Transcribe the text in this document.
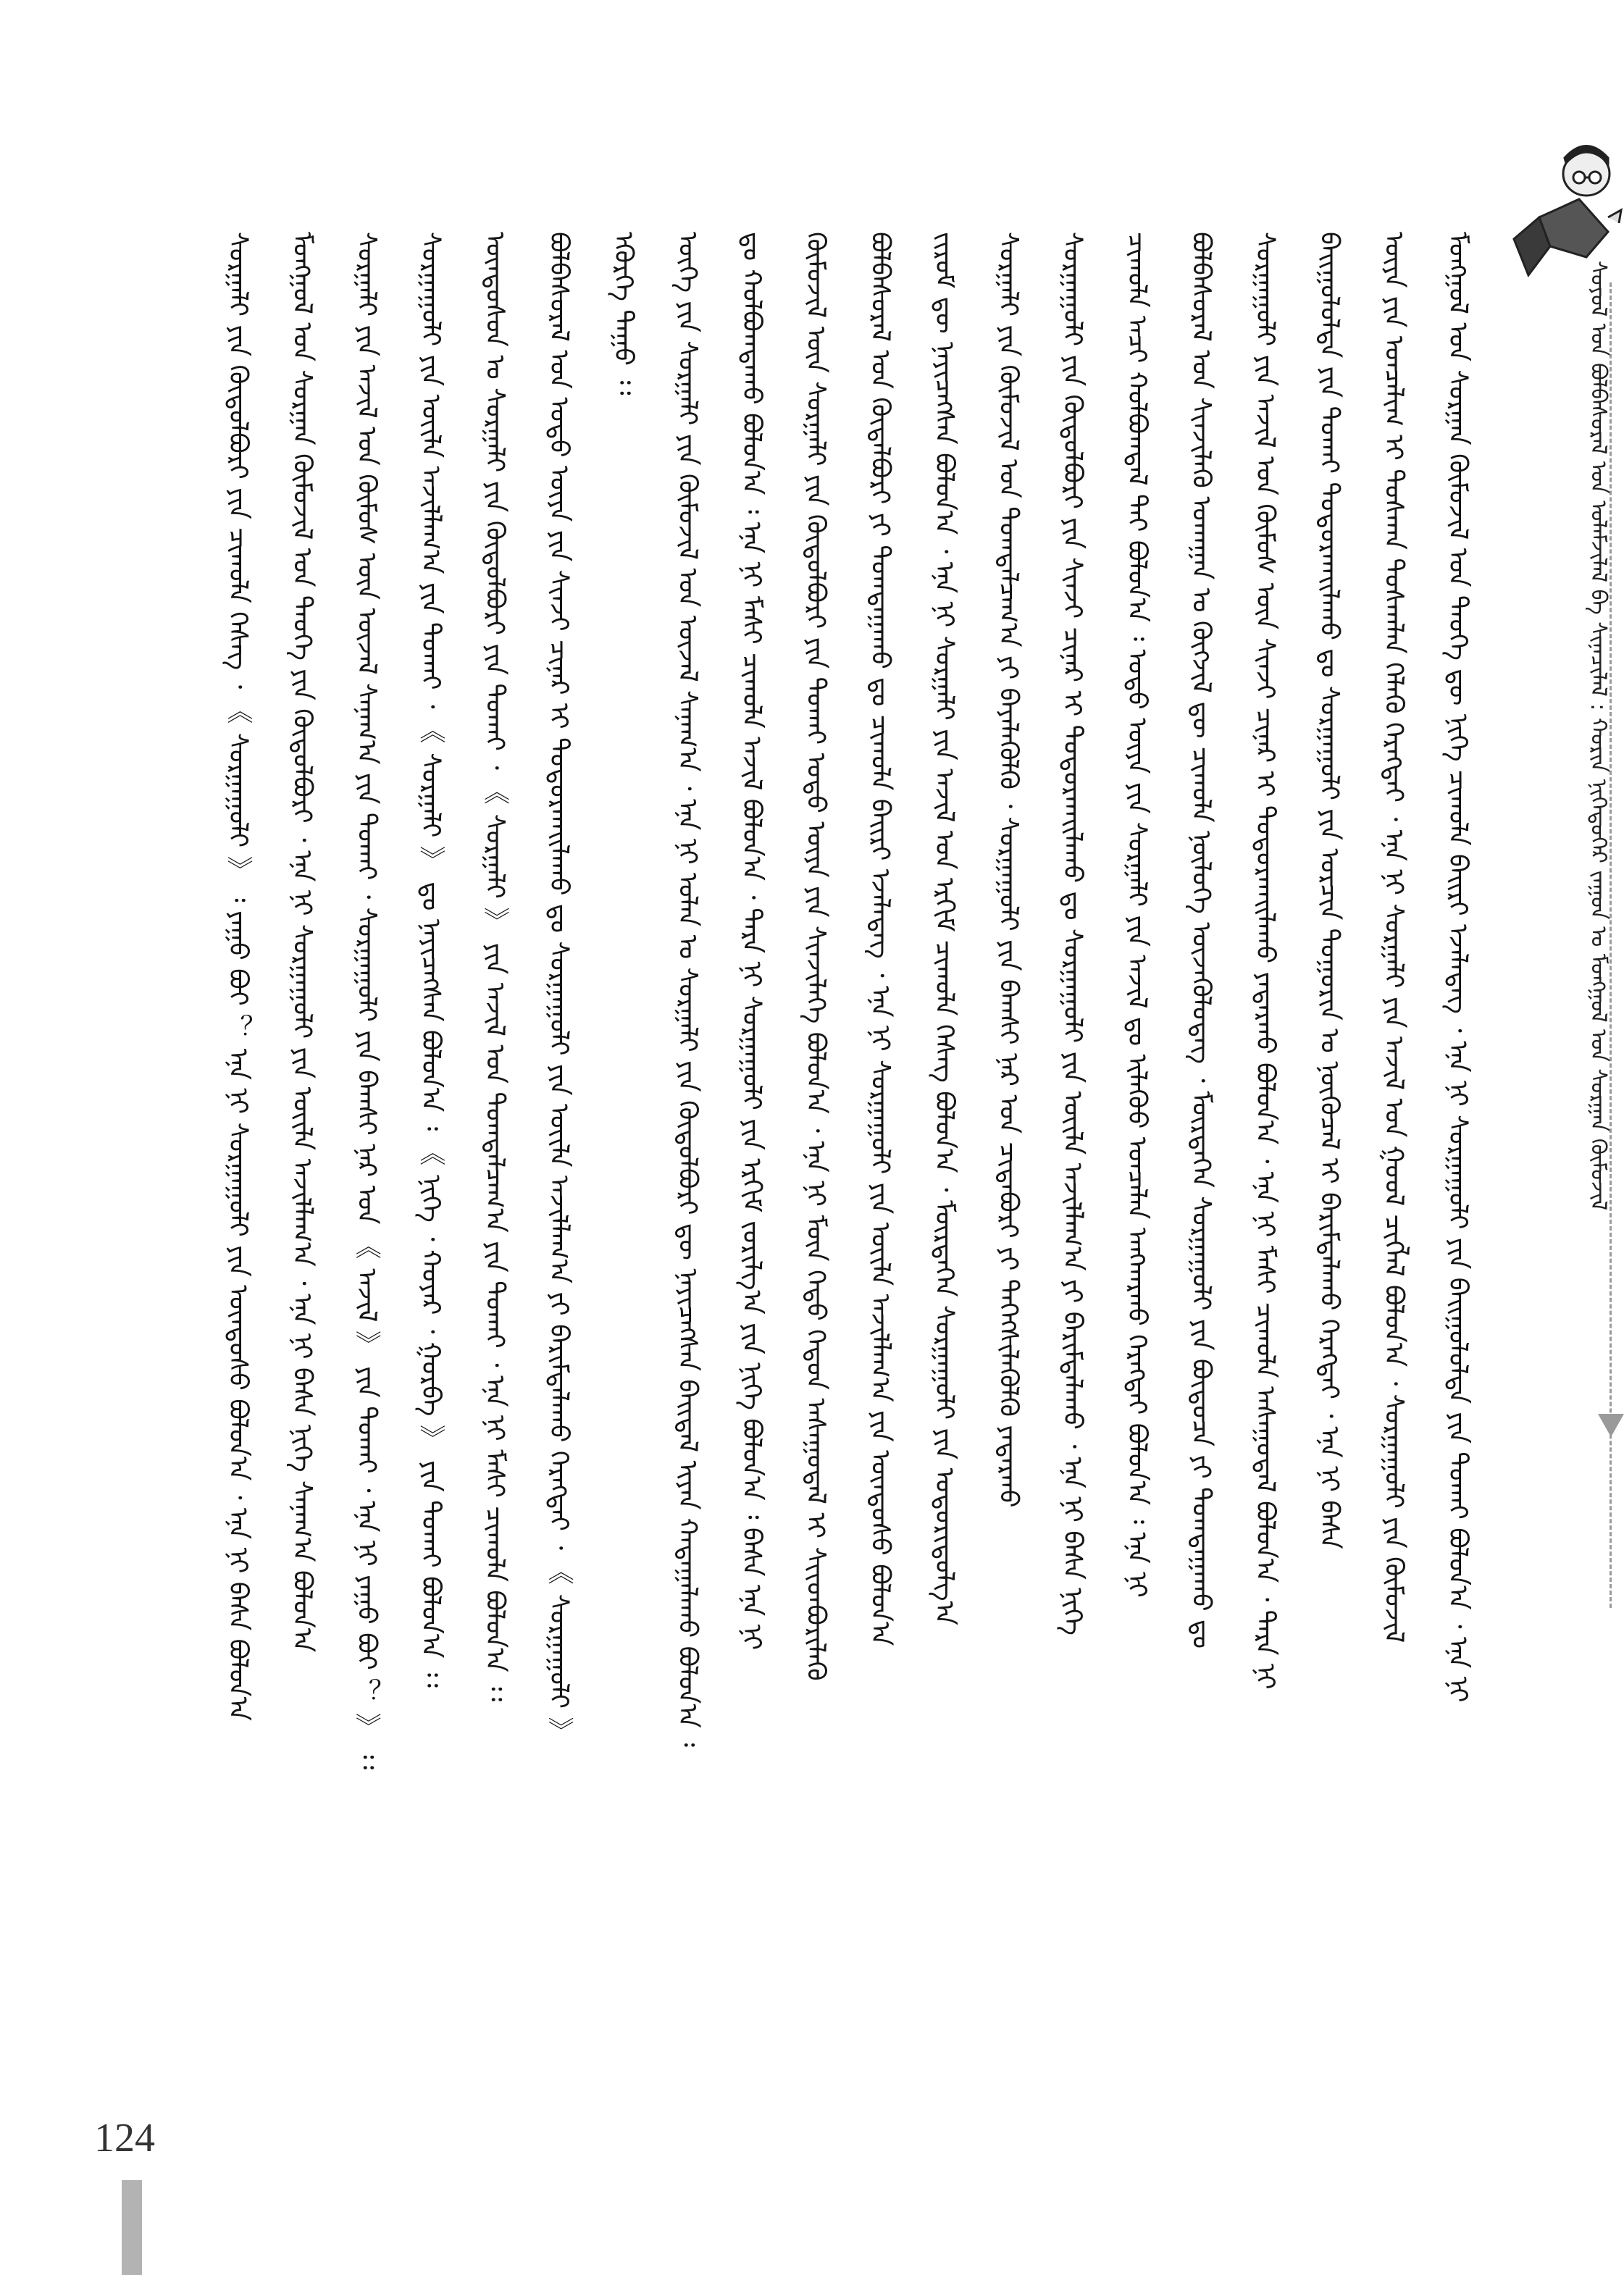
ᠰᠣᠶᠣᠯ ᠤᠨ ᠪᠣᠯᠪᠠᠰᠤᠷᠠᠯ ᠤᠨ ᠤᠯᠠᠮᠵᠢᠯᠠᠯ ᠪᠠ ᠰᠢᠨᠡᠴᠢᠯᠡᠯ : ᠬᠣᠷᠢᠨ ᠨᠢᠭᠡᠳᠦᠭᠡᠷ ᠵᠠᠭᠤᠨ ᠤ ᠮᠣᠩᠭᠣᠯ ᠤᠨ ᠰᠤᠷᠭᠠᠨ ᠬᠦᠮᠦᠵᠢᠯ
ᠮᠣᠩᠭᠣᠯ ᠤᠨ ᠰᠤᠷᠭᠠᠨ ᠬᠦᠮᠦᠵᠢᠯ ᠤᠨ ᠲᠡᠦᠬᠡ ᠳᠦ ᠨᠢᠭᠡ ᠴᠢᠬᠤᠯᠠ ᠪᠠᠢᠷᠢ ᠡᠵᠡᠯᠡᠳᠡᠭ ᠂ ᠡᠨᠡ ᠨᠢ ᠰᠤᠷᠭᠠᠭᠤᠯᠢ ᠶᠢᠨ ᠪᠠᠢᠭᠤᠯᠤᠯᠲᠠ ᠶᠢᠨ ᠲᠤᠬᠠᠢ ᠪᠣᠯᠤᠨ᠎ᠠ ᠂ ᠡᠨᠡ ᠨᠢ
ᠦᠶᠡ ᠶᠢᠨ ᠣᠨᠴᠠᠯᠢᠭ ᠢ ᠲᠤᠰᠬᠠᠨ ᠲᠤᠰᠬᠠᠯᠠᠨ ᠬᠡᠯᠡᠬᠦ ᠬᠡᠷᠡᠭᠲᠡᠢ ᠂ ᠡᠨᠡ ᠨᠢ ᠰᠤᠷᠭᠠᠯᠢ ᠶᠢᠨ ᠠᠵᠢᠯ ᠤᠨ ᠭᠣᠣᠯ ᠴᠢᠭᠯᠡᠯ ᠪᠣᠯᠤᠨ᠎ᠠ ᠂ ᠰᠤᠷᠭᠠᠭᠤᠯᠢ ᠶᠢᠨ ᠬᠦᠮᠦᠵᠢᠯ
ᠪᠠᠢᠭᠤᠯᠤᠯᠲᠠ ᠶᠢᠨ ᠲᠤᠬᠠᠢ ᠲᠣᠳᠣᠷᠬᠠᠢᠯᠠᠬᠤ ᠳᠤ ᠰᠤᠷᠭᠠᠭᠤᠯᠢ ᠶᠢᠨ ᠣᠷᠴᠢᠨ ᠲᠣᠭᠣᠷᠢᠨ ᠤ ᠨᠥᠬᠦᠴᠡᠯ ᠢ ᠪᠠᠷᠢᠮᠲᠠᠯᠠᠬᠤ ᠬᠡᠷᠡᠭᠲᠡᠢ ᠂ ᠡᠨᠡ ᠨᠢ ᠪᠠᠰᠠ
ᠰᠤᠷᠭᠠᠭᠤᠯᠢ ᠶᠢᠨ ᠠᠵᠢᠯ ᠤᠨ ᠬᠦᠮᠦᠰ ᠦᠨ ᠰᠢᠨᠵᠢ ᠴᠢᠨᠠᠷ ᠢ ᠲᠣᠳᠣᠷᠬᠠᠢᠯᠠᠬᠤ ᠶᠠᠳᠠᠷᠬᠤ ᠪᠣᠯᠤᠨ᠎ᠠ ᠂ ᠡᠨᠡ ᠨᠢ ᠮᠠᠰᠢ ᠴᠢᠬᠤᠯᠠ ᠠᠰᠠᠭᠤᠳᠠᠯ ᠪᠣᠯᠤᠨ᠎ᠠ ᠂ ᠲᠡᠷᠡ ᠨᠢ
ᠪᠣᠯᠪᠠᠰᠤᠷᠠᠯ ᠤᠨ ᠰᠢᠨᠵᠢᠯᠡᠬᠦ ᠤᠬᠠᠭᠠᠨ ᠤ ᠬᠥᠭᠵᠢᠯ ᠳᠦ ᠴᠢᠬᠤᠯᠠ ᠨᠥᠯᠦᠭᠡ ᠦᠵᠡᠭᠦᠯᠦᠳᠡᠭ ᠂ ᠮᠥᠷᠲᠡᠭᠡᠨ ᠰᠤᠷᠭᠠᠭᠤᠯᠢ ᠶᠢᠨ ᠪᠦᠲᠦᠴᠡ ᠶᠢ ᠲᠣᠭᠲᠠᠭᠠᠬᠤ ᠳᠤ
ᠴᠢᠬᠤᠯᠠ ᠠᠴᠢ ᠬᠣᠯᠪᠣᠭᠳᠠᠯ ᠲᠠᠢ ᠪᠣᠯᠤᠨ᠎ᠠ ᠄ ᠣᠳᠣ ᠦᠶᠡ ᠶᠢᠨ ᠰᠤᠷᠭᠠᠯᠢ ᠶᠢᠨ ᠠᠵᠢᠯ ᠳᠤ ᠢᠯᠡᠭᠦᠦ ᠣᠨᠴᠠᠯᠠᠨ ᠠᠩᠬᠠᠷᠬᠤ ᠬᠡᠷᠡᠭᠲᠡᠢ ᠪᠣᠯᠤᠨ᠎ᠠ ᠄ ᠡᠨᠡ ᠨᠢ
ᠰᠤᠷᠭᠠᠭᠤᠯᠢ ᠶᠢᠨ ᠬᠥᠲᠦᠯᠪᠦᠷᠢ ᠶᠢᠨ ᠰᠢᠨᠵᠢ ᠴᠢᠨᠠᠷ ᠢ ᠲᠣᠳᠣᠷᠬᠠᠢᠯᠠᠬᠤ ᠳᠤ ᠰᠤᠷᠭᠠᠭᠤᠯᠢ ᠶᠢᠨ ᠦᠢᠯᠡ ᠠᠵᠢᠯᠯᠠᠭ᠎ᠠ ᠶᠢ ᠪᠠᠷᠢᠮᠲᠠᠯᠠᠬᠤ ᠂ ᠡᠨᠡ ᠨᠢ ᠪᠠᠰᠠ ᠨᠢᠭᠡ
ᠰᠤᠷᠭᠠᠯᠢ ᠶᠢᠨ ᠬᠦᠮᠦᠵᠢᠯ ᠤᠨ ᠲᠣᠭᠲᠠᠯᠴᠠᠭ᠎ᠠ ᠶᠢ ᠪᠡᠶᠡᠯᠡᠭᠦᠯᠬᠦ ᠂ ᠰᠤᠷᠭᠠᠭᠤᠯᠢ ᠶᠢᠨ ᠪᠠᠭᠰᠢ ᠨᠠᠷ ᠤᠨ ᠴᠢᠳᠠᠪᠤᠷᠢ ᠶᠢ ᠳᠡᠭᠡᠭᠰᠢᠯᠡᠭᠦᠯᠬᠦ ᠶᠠᠳᠠᠷᠬᠤ
ᠵᠢᠷᠤᠮ ᠳᠦ ᠨᠡᠶᠢᠴᠡᠭᠰᠡᠨ ᠪᠣᠯᠤᠨ᠎ᠠ ᠂ ᠡᠨᠡ ᠨᠢ ᠰᠤᠷᠭᠠᠯᠢ ᠶᠢᠨ ᠠᠵᠢᠯ ᠤᠨ ᠡᠷᠬᠢᠮ ᠴᠢᠬᠤᠯᠠ ᠬᠡᠰᠡᠭ ᠪᠣᠯᠤᠨ᠎ᠠ ᠂ ᠮᠥᠷᠲᠡᠭᠡᠨ ᠰᠤᠷᠭᠠᠭᠤᠯᠢ ᠶᠢᠨ ᠤᠳᠤᠷᠢᠳᠤᠯᠭ᠎ᠠ
ᠪᠣᠯᠪᠠᠰᠤᠷᠠᠯ ᠤᠨ ᠬᠥᠲᠡᠯᠪᠦᠷᠢ ᠶᠢ ᠲᠣᠭᠲᠠᠭᠠᠬᠤ ᠳᠤ ᠴᠢᠬᠤᠯᠠ ᠪᠠᠢᠷᠢ ᠡᠵᠡᠯᠡᠳᠡᠭ ᠂ ᠡᠨᠡ ᠨᠢ ᠰᠤᠷᠭᠠᠭᠤᠯᠢ ᠶᠢᠨ ᠦᠢᠯᠡ ᠠᠵᠢᠯᠯᠠᠭ᠎ᠠ ᠶᠢᠨ ᠦᠨᠳᠦᠰᠦ ᠪᠣᠯᠤᠨ᠎ᠠ
ᠬᠦᠮᠦᠵᠢᠯ ᠦᠨ ᠰᠤᠷᠭᠠᠯᠢ ᠶᠢᠨ ᠬᠥᠲᠦᠯᠪᠦᠷᠢ ᠶᠢᠨ ᠲᠤᠬᠠᠢ ᠣᠳᠣ ᠦᠶᠡ ᠶᠢᠨ ᠰᠢᠨᠵᠢᠯᠡᠭᠡ ᠪᠣᠯᠤᠨ᠎ᠠ ᠂ ᠡᠨᠡ ᠨᠢ ᠮᠥᠨ ᠬᠡᠳᠦ ᠬᠡᠳᠦᠨ ᠠᠰᠠᠭᠤᠳᠠᠯ ᠢ ᠰᠢᠢᠳᠪᠦᠷᠢᠯᠡᠬᠦ
ᠳᠤ ᠬᠣᠯᠪᠣᠭᠳᠠᠬᠤ ᠪᠣᠯᠤᠨ᠎ᠠ ᠄ ᠡᠨᠡ ᠨᠢ ᠮᠠᠰᠢ ᠴᠢᠬᠤᠯᠠ ᠠᠵᠢᠯ ᠪᠣᠯᠤᠨ᠎ᠠ ᠂ ᠲᠡᠷᠡ ᠨᠢ ᠰᠤᠷᠭᠠᠭᠤᠯᠢ ᠶᠢᠨ ᠡᠷᠬᠢᠮ ᠵᠣᠷᠢᠯᠭ᠎ᠠ ᠶᠢᠨ ᠨᠢᠭᠡ ᠪᠣᠯᠤᠨ᠎ᠠ ᠄ ᠪᠠᠰᠠ ᠡᠨᠡ ᠨᠢ
ᠦᠭᠡ ᠶᠢᠨ ᠰᠤᠷᠭᠠᠯᠢ ᠶᠢᠨ ᠬᠦᠮᠦᠵᠢᠯ ᠤᠨ ᠦᠵᠡᠯ ᠰᠠᠨᠠᠭ᠎ᠠ ᠂ ᠡᠨᠡ ᠨᠢ ᠣᠯᠠᠨ ᠤ ᠰᠤᠷᠭᠠᠯᠢ ᠶᠢᠨ ᠬᠥᠲᠦᠯᠪᠦᠷᠢ ᠳᠦ ᠨᠡᠶᠢᠴᠡᠭᠰᠡᠨ ᠪᠠᠢᠳᠠᠯ ᠢᠶᠠᠨ ᠬᠠᠳᠠᠭᠠᠯᠠᠬᠤ ᠪᠣᠯᠤᠨ᠎ᠠ ᠄
ᠡᠭᠦᠷᠭᠡ ᠳᠠᠭᠤ ᠄᠄
ᠪᠣᠯᠪᠠᠰᠤᠷᠠᠯ ᠤᠨ ᠣᠳᠣ ᠦᠶᠡ ᠶᠢᠨ ᠰᠢᠨᠵᠢ ᠴᠢᠨᠠᠷ ᠢ ᠲᠣᠳᠣᠷᠬᠠᠢᠯᠠᠬᠤ ᠳᠤ ᠰᠤᠷᠭᠠᠭᠤᠯᠢ ᠶᠢᠨ ᠦᠢᠯᠡ ᠠᠵᠢᠯᠯᠠᠭ᠎ᠠ ᠶᠢ ᠪᠠᠷᠢᠮᠲᠠᠯᠠᠬᠤ ᠬᠡᠷᠡᠭᠲᠡᠢ ᠂ 《 ᠰᠤᠷᠭᠠᠭᠤᠯᠢ 》
ᠦᠨᠳᠦᠰᠦᠨ ᠤ ᠰᠤᠷᠭᠠᠯᠢ ᠶᠢᠨ ᠬᠥᠲᠦᠯᠪᠦᠷᠢ ᠶᠢᠨ ᠲᠤᠬᠠᠢ ᠂ 《 ᠰᠤᠷᠭᠠᠯᠢ 》 ᠶᠢᠨ ᠠᠵᠢᠯ ᠤᠨ ᠲᠣᠭᠲᠠᠯᠴᠠᠭ᠎ᠠ ᠶᠢᠨ ᠲᠤᠬᠠᠢ ᠂ ᠡᠨᠡ ᠨᠢ ᠮᠠᠰᠢ ᠴᠢᠬᠤᠯᠠ ᠪᠣᠯᠤᠨ᠎ᠠ ᠄᠄
ᠰᠤᠷᠭᠠᠭᠤᠯᠢ ᠶᠢᠨ ᠦᠢᠯᠡ ᠠᠵᠢᠯᠯᠠᠭ᠎ᠠ ᠶᠢᠨ ᠲᠤᠬᠠᠢ ᠂ 《 ᠰᠤᠷᠭᠠᠯᠢ 》 ᠳᠤ ᠨᠡᠶᠢᠴᠡᠭᠰᠡᠨ ᠪᠣᠯᠤᠨ᠎ᠠ ᠄ 《 ᠨᠢᠭᠡ ᠂ ᠬᠣᠶᠠᠷ ᠂ ᠭᠤᠷᠪᠠ 》 ᠶᠢᠨ ᠲᠤᠬᠠᠢ ᠪᠣᠯᠤᠨ᠎ᠠ ᠄᠄
ᠰᠤᠷᠭᠠᠯᠢ ᠶᠢᠨ ᠠᠵᠢᠯ ᠤᠨ ᠬᠦᠮᠦᠰ ᠦᠨ ᠦᠵᠡᠯ ᠰᠠᠨᠠᠭ᠎ᠠ ᠶᠢᠨ ᠲᠤᠬᠠᠢ ᠂ ᠰᠤᠷᠭᠠᠭᠤᠯᠢ ᠶᠢᠨ ᠪᠠᠭᠰᠢ ᠨᠠᠷ ᠤᠨ 《 ᠠᠵᠢᠯ 》 ᠶᠢᠨ ᠲᠤᠬᠠᠢ ᠂ ᠡᠨᠡ ᠨᠢ ᠶᠠᠭᠤ ᠪᠣᠢ ？ 》 ᠄᠄
ᠮᠣᠩᠭᠣᠯ ᠤᠨ ᠰᠤᠷᠭᠠᠨ ᠬᠦᠮᠦᠵᠢᠯ ᠤᠨ ᠲᠡᠦᠬᠡ ᠶᠢᠨ ᠬᠥᠲᠦᠯᠪᠦᠷᠢ ᠂ ᠡᠨᠡ ᠨᠢ ᠰᠤᠷᠭᠠᠭᠤᠯᠢ ᠶᠢᠨ ᠦᠢᠯᠡ ᠠᠵᠢᠯᠯᠠᠭ᠎ᠠ ᠂ ᠡᠨᠡ ᠨᠢ ᠪᠠᠰᠠ ᠨᠢᠭᠡ ᠰᠠᠨᠠᠭ᠎ᠠ ᠪᠣᠯᠤᠨ᠎ᠠ
ᠰᠤᠷᠭᠠᠯᠢ ᠶᠢᠨ ᠬᠥᠲᠦᠯᠪᠦᠷᠢ ᠶᠢᠨ ᠴᠢᠬᠤᠯᠠ ᠬᠡᠰᠡᠭ ᠂ 《 ᠰᠤᠷᠭᠠᠭᠤᠯᠢ 》 ᠄ ᠶᠠᠭᠤ ᠪᠣᠢ ？ ᠡᠨᠡ ᠨᠢ ᠰᠤᠷᠭᠠᠭᠤᠯᠢ ᠶᠢᠨ ᠦᠨᠳᠦᠰᠦ ᠪᠣᠯᠤᠨ᠎ᠠ ᠂ ᠡᠨᠡ ᠨᠢ ᠪᠠᠰᠠ ᠪᠣᠯᠤᠨ᠎ᠠ
124
